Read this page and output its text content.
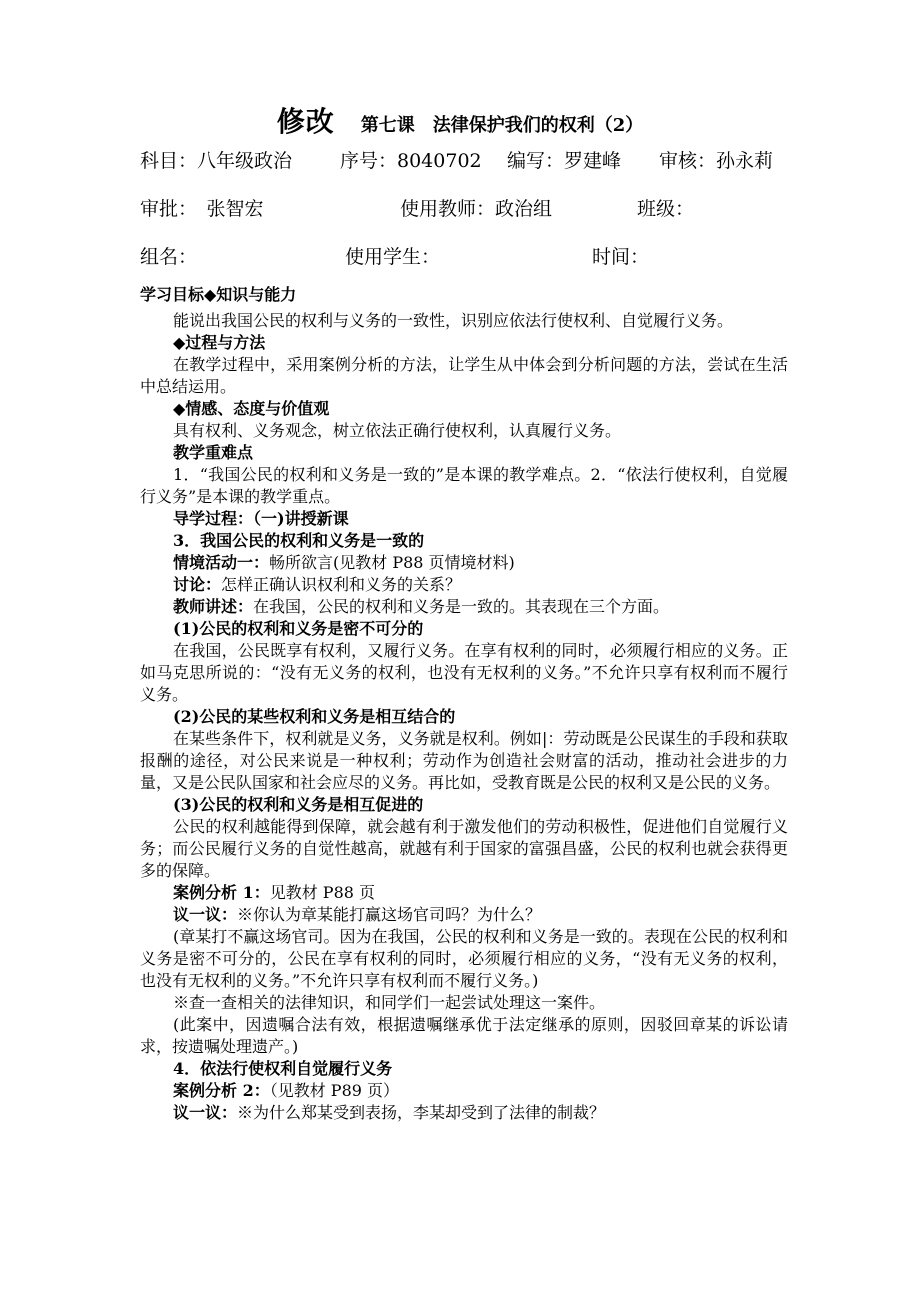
修改 第七课　法律保护我们的权利（2）
科目：八年级政治	序号：8040702 编写：罗建峰 审核：孙永莉
审批：　张智宏	使用教师：政治组	班级：
组名：	使用学生：	时间：

学习目标◆知识与能力

能说出我国公民的权利与义务的一致性，识别应依法行使权利、自觉履行义务。

◆过程与方法

在教学过程中，采用案例分析的方法，让学生从中体会到分析问题的方法，尝试在生活中总结运用。

◆情感、态度与价值观

具有权利、义务观念，树立依法正确行使权利，认真履行义务。

教学重难点

1．“我国公民的权利和义务是一致的”是本课的教学难点。2．“依法行使权利，自觉履行义务”是本课的教学重点。

导学过程：（一)讲授新课

3．我国公民的权利和义务是一致的

情境活动一：畅所欲言(见教材 P88 页情境材料)

讨论：怎样正确认识权利和义务的关系？

教师讲述：在我国，公民的权利和义务是一致的。其表现在三个方面。

(1)公民的权利和义务是密不可分的

在我国，公民既享有权利，又履行义务。在享有权利的同时，必须履行相应的义务。正如马克思所说的：“没有无义务的权利，也没有无权利的义务。”不允许只享有权利而不履行义务。

(2)公民的某些权利和义务是相互结合的

在某些条件下，权利就是义务，义务就是权利。例如|：劳动既是公民谋生的手段和获取报酬的途径，对公民来说是一种权利；劳动作为创造社会财富的活动，推动社会进步的力量，又是公民队国家和社会应尽的义务。再比如，受教育既是公民的权利又是公民的义务。

(3)公民的权利和义务是相互促进的

公民的权利越能得到保障，就会越有利于激发他们的劳动积极性，促进他们自觉履行义务；而公民履行义务的自觉性越高，就越有利于国家的富强昌盛，公民的权利也就会获得更多的保障。

案例分析 1：见教材 P88 页

议一议：※你认为章某能打赢这场官司吗？为什么？

(章某打不赢这场官司。因为在我国，公民的权利和义务是一致的。表现在公民的权利和义务是密不可分的，公民在享有权利的同时，必须履行相应的义务，“没有无义务的权利，也没有无权利的义务。”不允许只享有权利而不履行义务。)

※查一查相关的法律知识，和同学们一起尝试处理这一案件。

(此案中，因遗嘱合法有效，根据遗嘱继承优于法定继承的原则，因驳回章某的诉讼请求，按遗嘱处理遗产。)

4．依法行使权利自觉履行义务

案例分析 2：（见教材 P89 页）

议一议：※为什么郑某受到表扬，李某却受到了法律的制裁？
